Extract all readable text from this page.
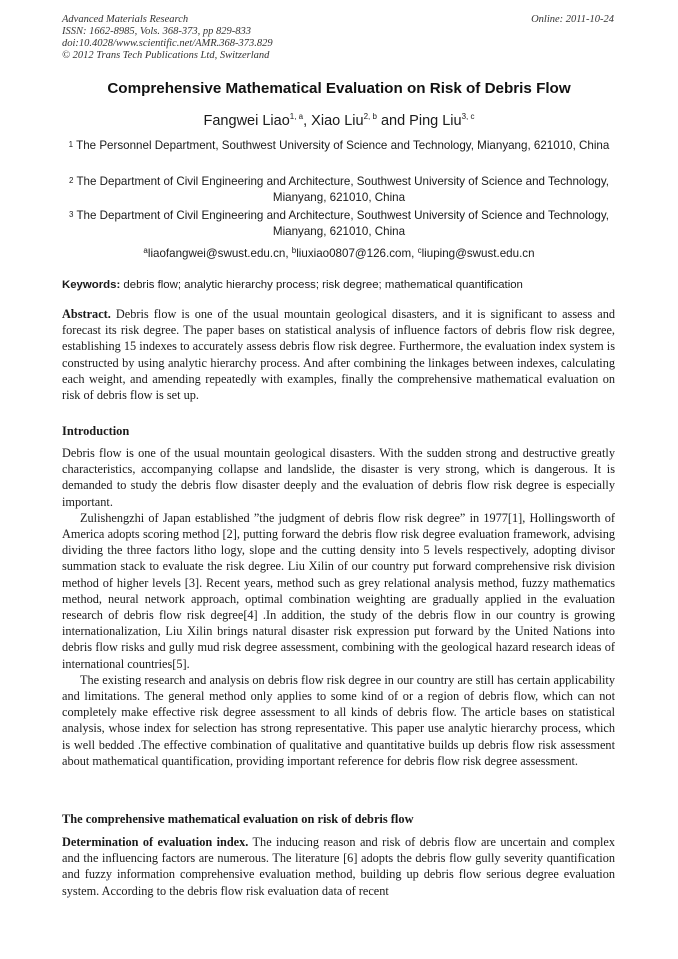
Advanced Materials Research	Online: 2011-10-24
ISSN: 1662-8985, Vols. 368-373, pp 829-833
doi:10.4028/www.scientific.net/AMR.368-373.829
© 2012 Trans Tech Publications Ltd, Switzerland
Comprehensive Mathematical Evaluation on Risk of Debris Flow
Fangwei Liao$^{1, a}$, Xiao Liu$^{2, b}$ and Ping Liu$^{3, c}$
$^1$ The Personnel Department, Southwest University of Science and Technology, Mianyang, 621010, China
$^2$ The Department of Civil Engineering and Architecture, Southwest University of Science and Technology, Mianyang, 621010, China
$^3$ The Department of Civil Engineering and Architecture, Southwest University of Science and Technology, Mianyang, 621010, China
$^a$liaofangwei@swust.edu.cn, $^b$liuxiao0807@126.com, $^c$liuping@swust.edu.cn
Keywords: debris flow; analytic hierarchy process; risk degree; mathematical quantification

Abstract. Debris flow is one of the usual mountain geological disasters, and it is significant to assess and forecast its risk degree. The paper bases on statistical analysis of influence factors of debris flow risk degree, establishing 15 indexes to accurately assess debris flow risk degree. Furthermore, the evaluation index system is constructed by using analytic hierarchy process. And after combining the linkages between indexes, calculating each weight, and amending repeatedly with examples, finally the comprehensive mathematical evaluation on risk of debris flow is set up.

Introduction

Debris flow is one of the usual mountain geological disasters. With the sudden strong and destructive greatly characteristics, accompanying collapse and landslide, the disaster is very strong, which is dangerous. It is demanded to study the debris flow disaster deeply and the evaluation of debris flow risk degree is especially important.

Zulishengzhi of Japan established ”the judgment of debris flow risk degree” in 1977[1], Hollingsworth of America adopts scoring method [2], putting forward the debris flow risk degree evaluation framework, advising dividing the three factors litho logy, slope and the cutting density into 5 levels respectively, adopting divisor summation stack to evaluate the risk degree. Liu Xilin of our country put forward comprehensive risk division method of higher levels [3]. Recent years, method such as grey relational analysis method, fuzzy mathematics method, neural network approach, optimal combination weighting are gradually applied in the evaluation research of debris flow risk degree[4] .In addition, the study of the debris flow in our country is growing internationalization, Liu Xilin brings natural disaster risk expression put forward by the United Nations into debris flow risks and gully mud risk degree assessment, combining with the geological hazard research ideas of international countries[5].

The existing research and analysis on debris flow risk degree in our country are still has certain applicability and limitations. The general method only applies to some kind of or a region of debris flow, which can not completely make effective risk degree assessment to all kinds of debris flow. The article bases on statistical analysis, whose index for selection has strong representative. This paper use analytic hierarchy process, which is well bedded .The effective combination of qualitative and quantitative builds up debris flow risk assessment about mathematical quantification, providing important reference for debris flow risk degree assessment.

The comprehensive mathematical evaluation on risk of debris flow

Determination of evaluation index. The inducing reason and risk of debris flow are uncertain and complex and the influencing factors are numerous. The literature [6] adopts the debris flow gully severity quantification and fuzzy information comprehensive evaluation method, building up debris flow serious degree evaluation system. According to the debris flow risk evaluation data of recent
